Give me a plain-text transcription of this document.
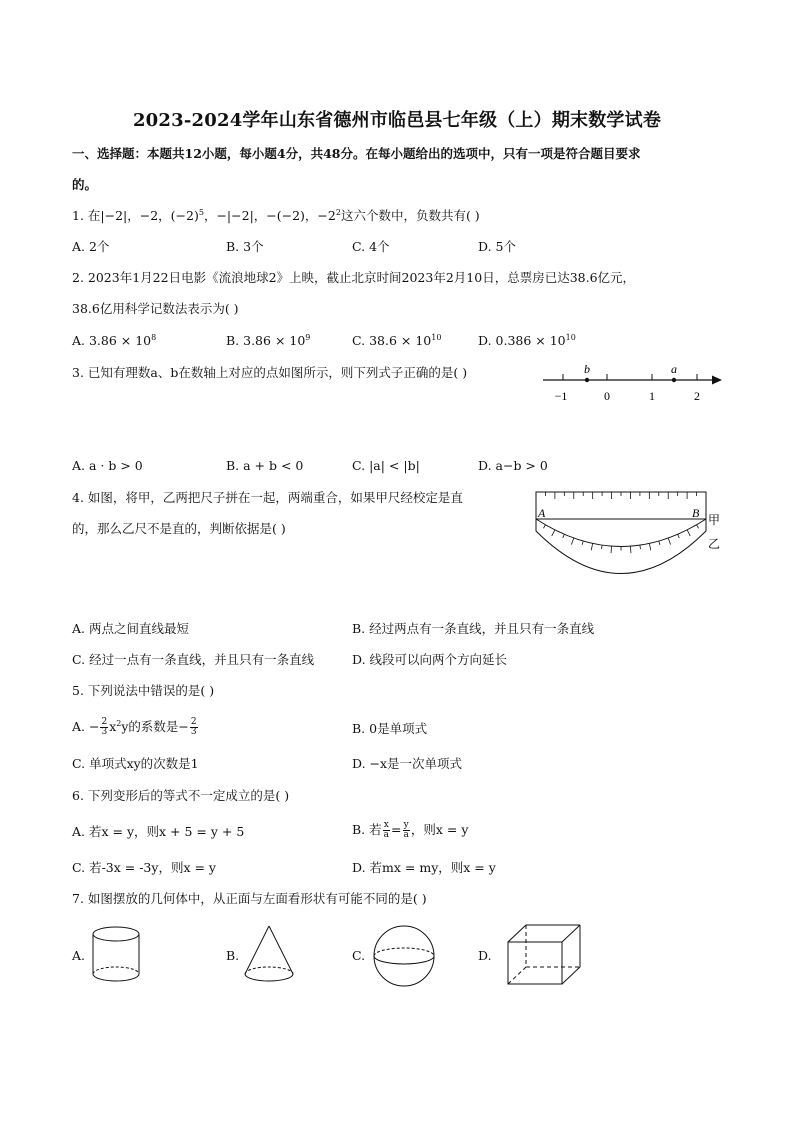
2023-2024学年山东省德州市临邑县七年级（上）期末数学试卷
一、选择题：本题共12小题，每小题4分，共48分。在每小题给出的选项中，只有一项是符合题目要求
的。
1. 在|−2|，−2，$(-2)^5$，−|−2|，−(−2)，$-2^2$这六个数中，负数共有( )
A. 2个	B. 3个	C. 4个	D. 5个
2. 2023年1月22日电影《流浪地球2》上映，截止北京时间2023年2月10日，总票房已达38.6亿元，
38.6亿用科学记数法表示为( )
A. $3.86 \times 10^8$	B. $3.86 \times 10^9$	C. $38.6 \times 10^{10}$	D. $0.386 \times 10^{10}$
3. 已知有理数a、b在数轴上对应的点如图所示，则下列式子正确的是( )	b	a
−1	0	1	2
A. a · b > 0	B. a + b < 0	C. |a| < |b|	D. a−b > 0
4. 如图，将甲，乙两把尺子拼在一起，两端重合，如果甲尺经校定是直
的，那么乙尺不是直的，判断依据是( )
A	B 甲
乙
A. 两点之间直线最短	B. 经过两点有一条直线，并且只有一条直线
C. 经过一点有一条直线，并且只有一条直线	D. 线段可以向两个方向延长
5. 下列说法中错误的是( )
A. − $\frac{2}{3} x^2y$的系数是− $\frac{2}{3}$	B. 0是单项式
C. 单项式xy的次数是1	D. −x是一次单项式
6. 下列变形后的等式不一定成立的是( )
A. 若x = y，则x + 5 = y + 5	B. 若 $\frac{x}{a} = \frac{y}{a}$ ，则x = y
C. 若-3x = -3y，则x = y	D. 若mx = my，则x = y
7. 如图摆放的几何体中，从正面与左面看形状有可能不同的是( )
A.	B.	C.	D.
